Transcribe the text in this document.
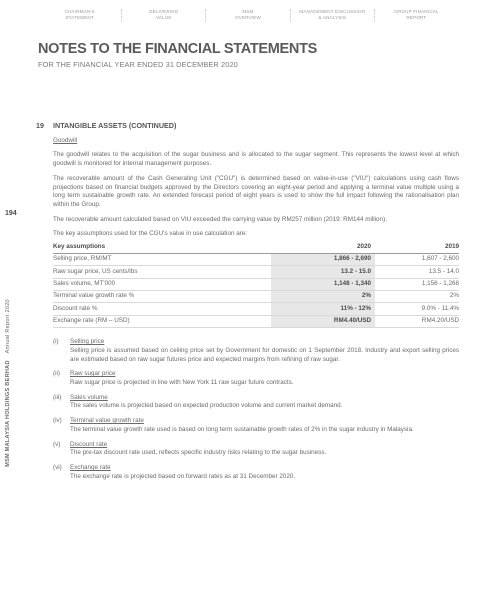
CHAIRMAN'S
STATEMENT
DELIVERING
VALUE
MSM
OVERVIEW
MANAGEMENT DISCUSSION
& ANALYSIS
GROUP FINANCIAL
REPORT
NOTES TO THE FINANCIAL STATEMENTS
FOR THE FINANCIAL YEAR ENDED 31 DECEMBER 2020
194
MSM MALAYSIA HOLDINGS BERHAD    Annual Report 2020
19 INTANGIBLE ASSETS (CONTINUED)
Goodwill
The goodwill relates to the acquisition of the sugar business and is allocated to the sugar segment. This represents the lowest level at which goodwill is monitored for internal management purposes.
The recoverable amount of the Cash Generating Unit ("CGU") is determined based on value-in-use ("VIU") calculations using cash flows projections based on financial budgets approved by the Directors covering an eight-year period and applying a terminal value multiple using a long term sustainable growth rate. An extended forecast period of eight years is used to show the full impact following the rationalisation plan within the Group.
The recoverable amount calculated based on VIU exceeded the carrying value by RM257 million (2019: RM144 million).
The key assumptions used for the CGU's value in use calculation are:
Key assumptions	2020	2019
Selling price, RM/MT	1,866 - 2,690	1,607 - 2,600
Raw sugar price, US cents/lbs	13.2 - 15.0	13.5 - 14.0
Sales volume, MT'000	1,148 - 1,340	1,156 - 1,268
Terminal value growth rate %	2%	2%
Discount rate %	11% - 12%	9.0% - 11.4%
Exchange rate (RM – USD)	RM4.40/USD	RM4.20/USD
(i)	Selling price
Selling price is assumed based on ceiling price set by Government for domestic on 1 September 2018. Industry and export selling prices are estimated based on raw sugar futures price and expected margins from refining of raw sugar.
(ii)	Raw sugar price
Raw sugar price is projected in line with New York 11 raw sugar future contracts.
(iii)	Sales volume
The sales volume is projected based on expected production volume and current market demand.
(iv)	Terminal value growth rate
The terminal value growth rate used is based on long term sustainable growth rates of 2% in the sugar industry in Malaysia.
(v)	Discount rate
The pre-tax discount rate used, reflects specific industry risks relating to the sugar business.
(vi)	Exchange rate
The exchange rate is projected based on forward rates as at 31 December 2020.
